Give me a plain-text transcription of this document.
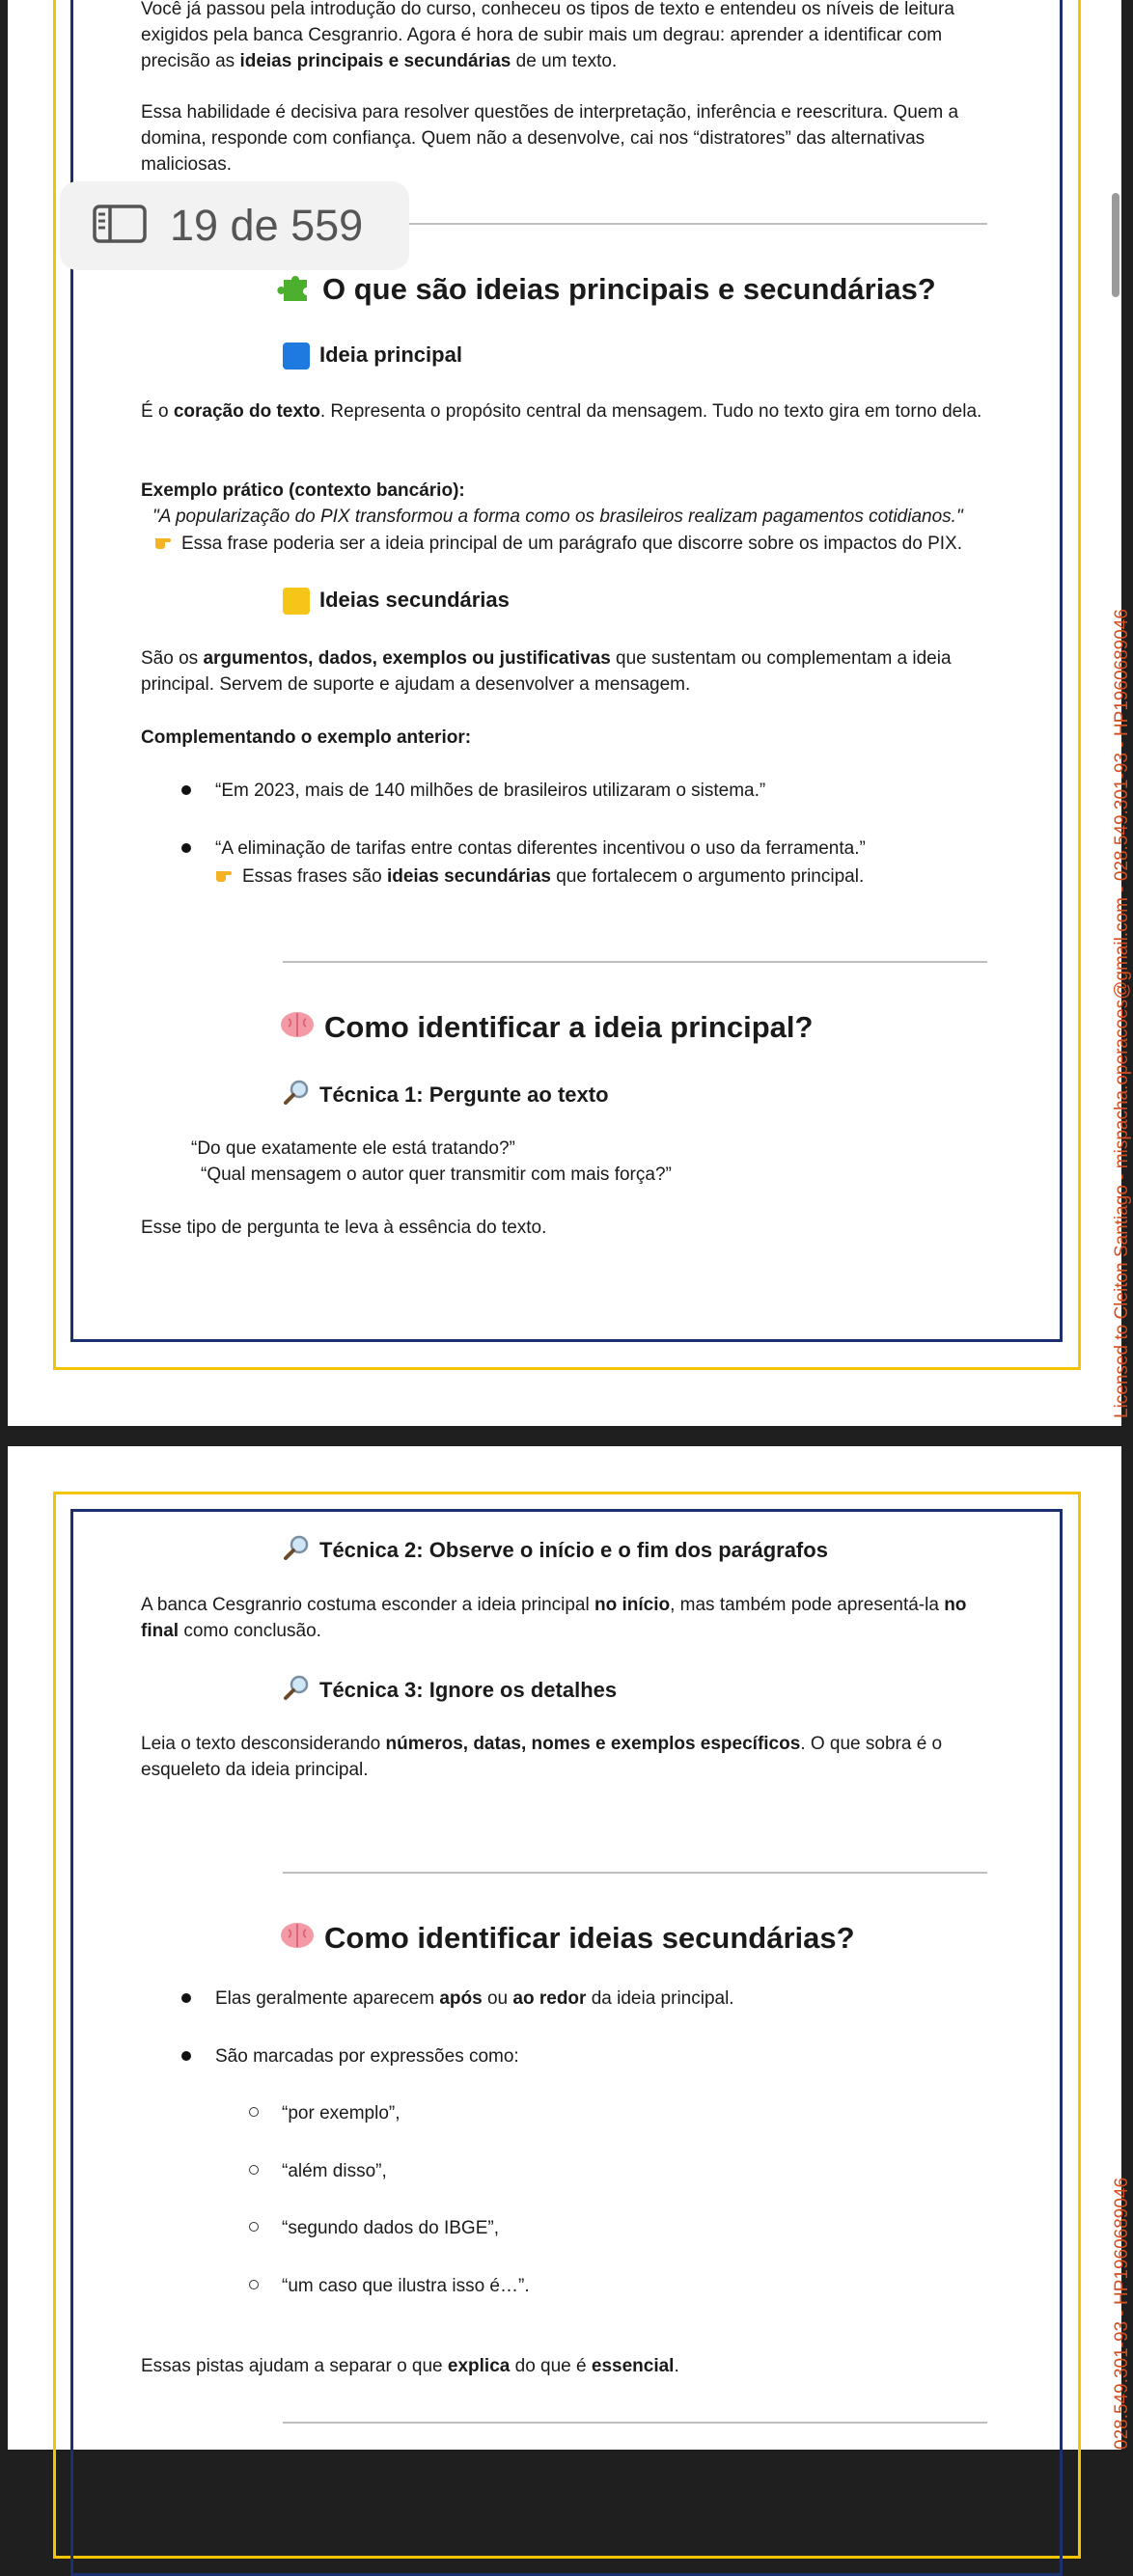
Você já passou pela introdução do curso, conheceu os tipos de texto e entendeu os níveis de leitura exigidos pela banca Cesgranrio. Agora é hora de subir mais um degrau: aprender a identificar com precisão as ideias principais e secundárias de um texto.

Essa habilidade é decisiva para resolver questões de interpretação, inferência e reescritura. Quem a domina, responde com confiança. Quem não a desenvolve, cai nos “distratores” das alternativas maliciosas.

O que são ideias principais e secundárias?
Ideia principal

É o coração do texto. Representa o propósito central da mensagem. Tudo no texto gira em torno dela.

Exemplo prático (contexto bancário):

"A popularização do PIX transformou a forma como os brasileiros realizam pagamentos cotidianos."

Essa frase poderia ser a ideia principal de um parágrafo que discorre sobre os impactos do PIX.

Ideias secundárias

São os argumentos, dados, exemplos ou justificativas que sustentam ou complementam a ideia principal. Servem de suporte e ajudam a desenvolver a mensagem.

Complementando o exemplo anterior:

“Em 2023, mais de 140 milhões de brasileiros utilizaram o sistema.”

“A eliminação de tarifas entre contas diferentes incentivou o uso da ferramenta.”

Essas frases são ideias secundárias que fortalecem o argumento principal.

Como identificar a ideia principal?
Técnica 1: Pergunte ao texto

“Do que exatamente ele está tratando?”

“Qual mensagem o autor quer transmitir com mais força?”

Esse tipo de pergunta te leva à essência do texto.	Licensed to Cleiton Santiago - mispacha.operacoes@gmail.com - 028.549.301-93 - HP1960689046
19 de 559
Técnica 2: Observe o início e o fim dos parágrafos

A banca Cesgranrio costuma esconder a ideia principal no início, mas também pode apresentá-la no final como conclusão.

Técnica 3: Ignore os detalhes

Leia o texto desconsiderando números, datas, nomes e exemplos específicos. O que sobra é o esqueleto da ideia principal.

Como identificar ideias secundárias?

Elas geralmente aparecem após ou ao redor da ideia principal.

São marcadas por expressões como:

“por exemplo”,

“além disso”,

“segundo dados do IBGE”,

“um caso que ilustra isso é…”.

Essas pistas ajudam a separar o que explica do que é essencial.	028.549.301-93 - HP1960689046
